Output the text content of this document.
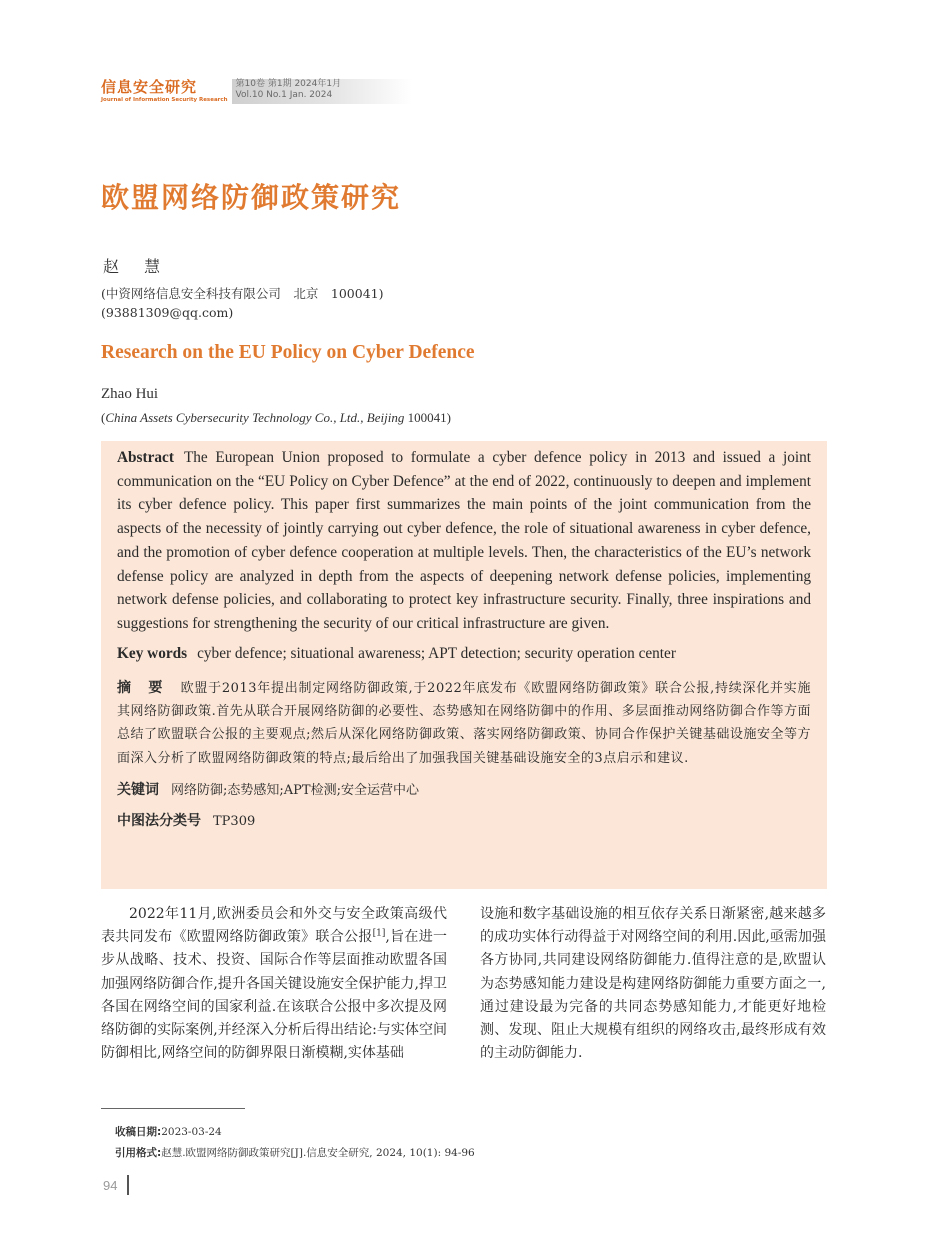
信息安全研究
Journal of Information Security Research
第10卷 第1期 2024年1月
Vol.10 No.1 Jan. 2024
欧盟网络防御政策研究
赵 慧
(中资网络信息安全科技有限公司　北京　100041)
(93881309@qq.com)
Research on the EU Policy on Cyber Defence
Zhao Hui
(China Assets Cybersecurity Technology Co., Ltd., Beijing 100041)

Abstract The European Union proposed to formulate a cyber defence policy in 2013 and issued a joint communication on the “EU Policy on Cyber Defence” at the end of 2022, continuously to deepen and implement its cyber defence policy. This paper first summarizes the main points of the joint communication from the aspects of the necessity of jointly carrying out cyber defence, the role of situational awareness in cyber defence, and the promotion of cyber defence cooperation at multiple levels. Then, the characteristics of the EU’s network defense policy are analyzed in depth from the aspects of deepening network defense policies, implementing network defense policies, and collaborating to protect key infrastructure security. Finally, three inspirations and suggestions for strengthening the security of our critical infrastructure are given.

Key words cyber defence; situational awareness; APT detection; security operation center
摘 要 欧盟于2013年提出制定网络防御政策,于2022年底发布《欧盟网络防御政策》联合公报,持续深化并实施其网络防御政策.首先从联合开展网络防御的必要性、态势感知在网络防御中的作用、多层面推动网络防御合作等方面总结了欧盟联合公报的主要观点;然后从深化网络防御政策、落实网络防御政策、协同合作保护关键基础设施安全等方面深入分析了欧盟网络防御政策的特点;最后给出了加强我国关键基础设施安全的3点启示和建议.
关键词 网络防御;态势感知;APT检测;安全运营中心
中图法分类号 TP309
2022年11月,欧洲委员会和外交与安全政策高级代表共同发布《欧盟网络防御政策》联合公报[1],旨在进一步从战略、技术、投资、国际合作等层面推动欧盟各国加强网络防御合作,提升各国关键设施安全保护能力,捍卫各国在网络空间的国家利益.在该联合公报中多次提及网络防御的实际案例,并经深入分析后得出结论:与实体空间防御相比,网络空间的防御界限日渐模糊,实体基础
设施和数字基础设施的相互依存关系日渐紧密,越来越多的成功实体行动得益于对网络空间的利用.因此,亟需加强各方协同,共同建设网络防御能力.值得注意的是,欧盟认为态势感知能力建设是构建网络防御能力重要方面之一,通过建设最为完备的共同态势感知能力,才能更好地检测、发现、阻止大规模有组织的网络攻击,最终形成有效的主动防御能力.
收稿日期:2023-03-24
引用格式:赵慧.欧盟网络防御政策研究[J].信息安全研究, 2024, 10(1): 94-96
94
